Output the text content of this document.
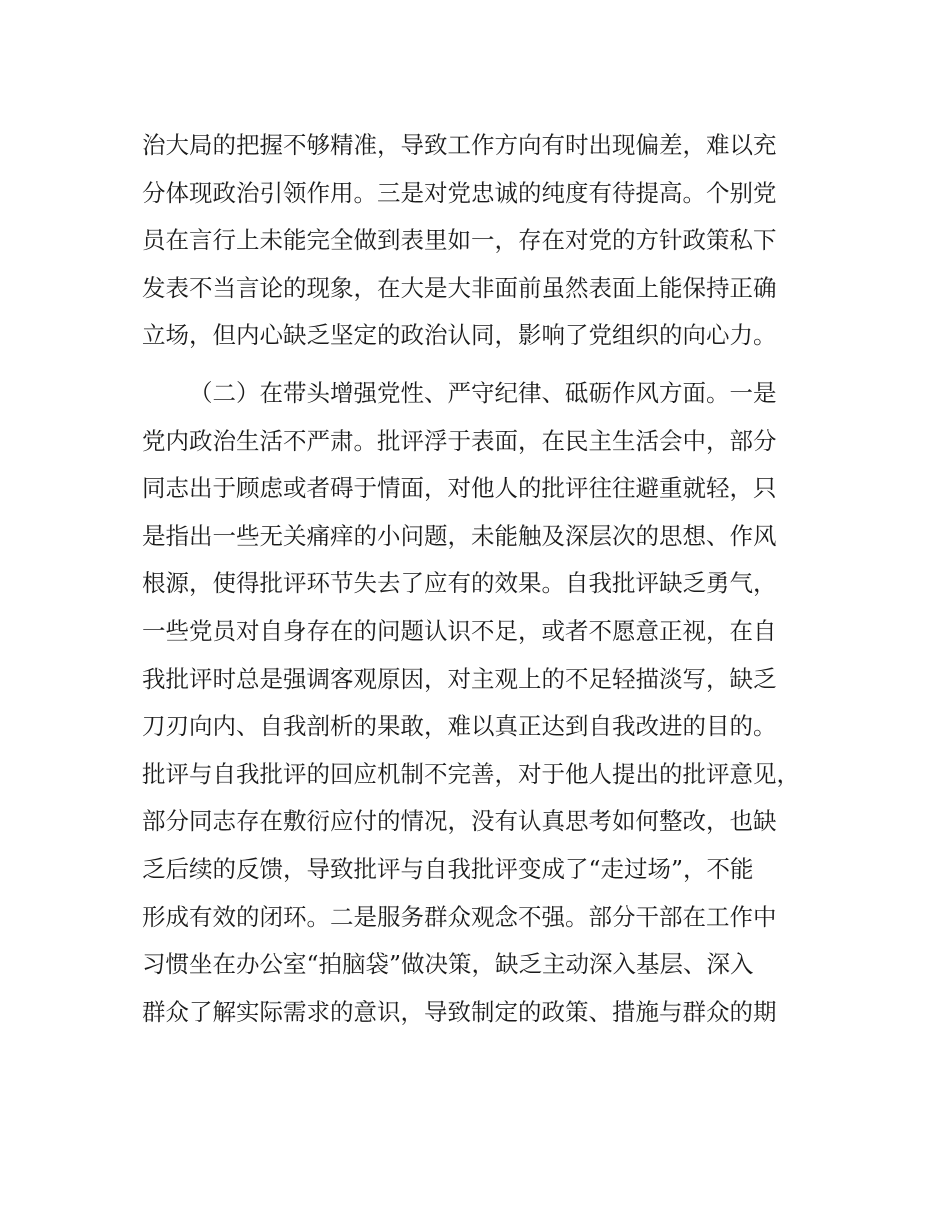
治大局的把握不够精准，导致工作方向有时出现偏差，难以充
分体现政治引领作用。三是对党忠诚的纯度有待提高。个别党
员在言行上未能完全做到表里如一，存在对党的方针政策私下
发表不当言论的现象，在大是大非面前虽然表面上能保持正确
立场，但内心缺乏坚定的政治认同，影响了党组织的向心力。
（二）在带头增强党性、严守纪律、砥砺作风方面。一是
党内政治生活不严肃。批评浮于表面，在民主生活会中，部分
同志出于顾虑或者碍于情面，对他人的批评往往避重就轻，只
是指出一些无关痛痒的小问题，未能触及深层次的思想、作风
根源，使得批评环节失去了应有的效果。自我批评缺乏勇气，
一些党员对自身存在的问题认识不足，或者不愿意正视，在自
我批评时总是强调客观原因，对主观上的不足轻描淡写，缺乏
刀刃向内、自我剖析的果敢，难以真正达到自我改进的目的。
批评与自我批评的回应机制不完善，对于他人提出的批评意见，
部分同志存在敷衍应付的情况，没有认真思考如何整改，也缺
乏后续的反馈，导致批评与自我批评变成了“走过场”，不能
形成有效的闭环。二是服务群众观念不强。部分干部在工作中
习惯坐在办公室“拍脑袋”做决策，缺乏主动深入基层、深入
群众了解实际需求的意识，导致制定的政策、措施与群众的期
